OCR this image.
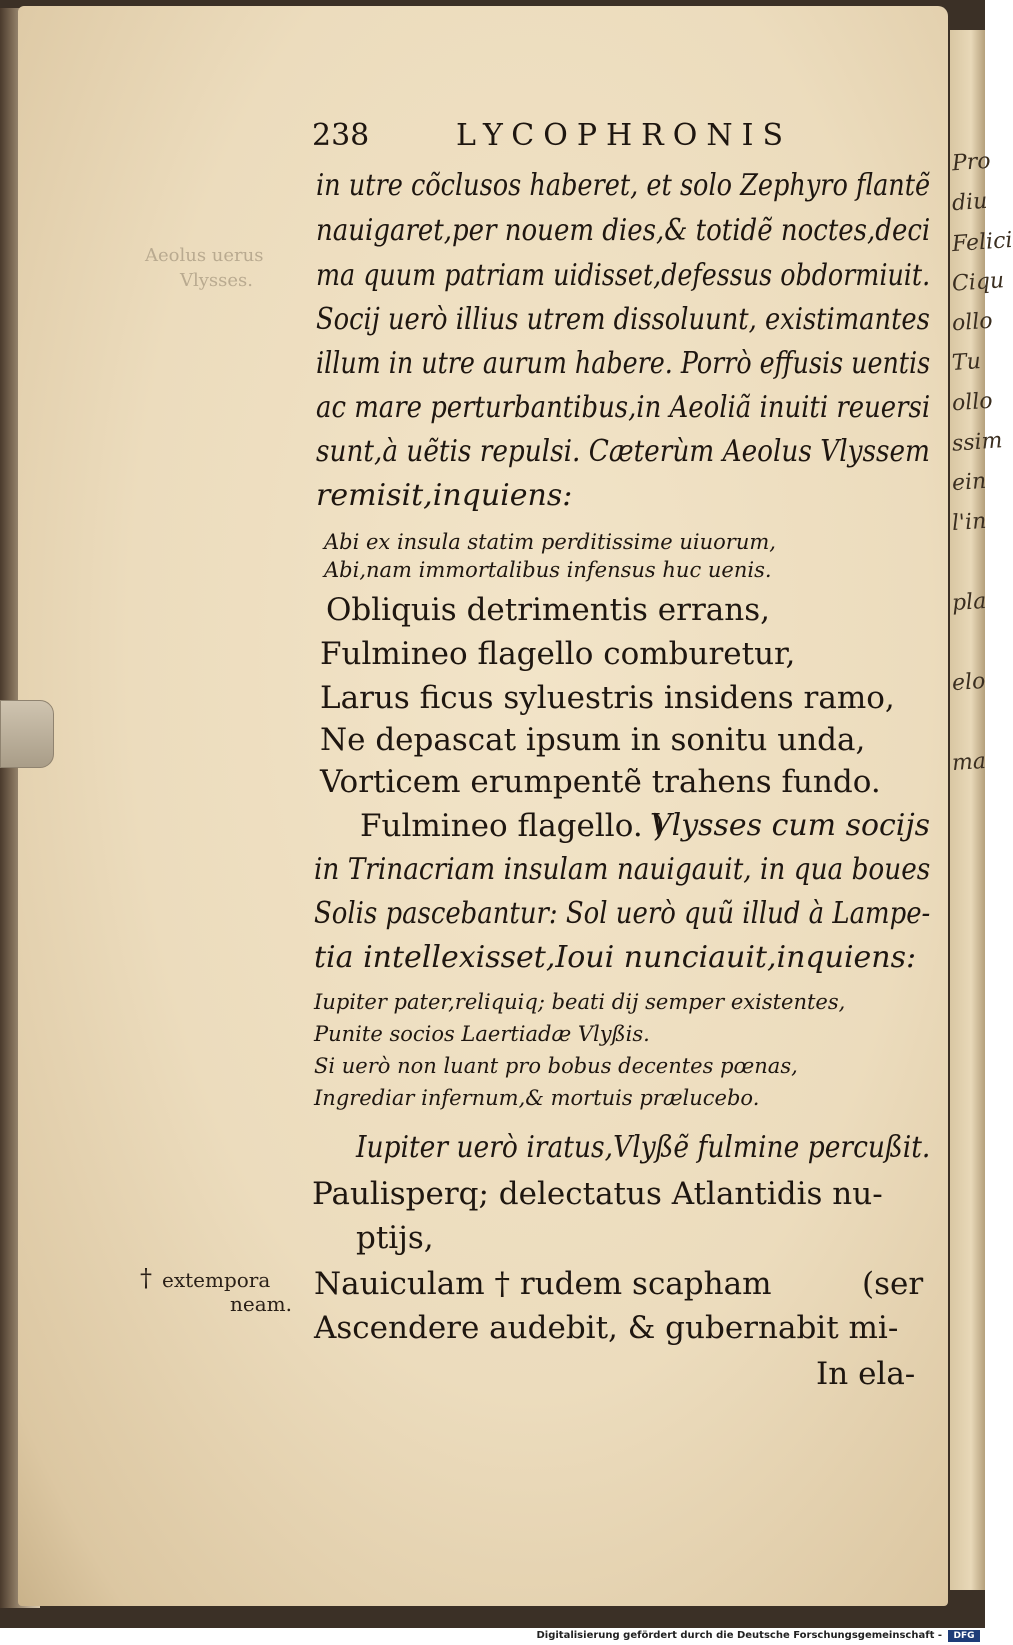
Pro
diu
Felici
Ciqu
ollo
Tu
ollo
ssim
ein
l'in
pla
elo
ma
238	LYCOPHRONIS
Aeolus uerus
Vlysses.
in utre cõclusos haberet, et solo Zephyro flantẽ
nauigaret,per nouem dies,& totidẽ noctes,deci
ma quum patriam uidisset,defessus obdormiuit.
Socij uerò illius utrem dissoluunt, existimantes
illum in utre aurum habere. Porrò effusis uentis
ac mare perturbantibus,in Aeoliã inuiti reuersi
sunt,à uẽtis repulsi. Cæterùm Aeolus Vlyssem
remisit,inquiens:
Abi ex insula statim perditissime uiuorum,
Abi,nam immortalibus infensus huc uenis.
Obliquis detrimentis errans,
Fulmineo flagello comburetur,
Larus ficus syluestris insidens ramo,
Ne depascat ipsum in sonitu unda,
Vorticem erumpentẽ trahens fundo.
Fulmineo flagello. )
Vlysses cum socijs
in Trinacriam insulam nauigauit, in qua boues
Solis pascebantur: Sol uerò quũ illud à Lampe-
tia intellexisset,Ioui nunciauit,inquiens:
Iupiter pater,reliquiq; beati dij semper existentes,
Punite socios Laertiadæ Vlyßis.
Si uerò non luant pro bobus decentes pœnas,
Ingrediar infernum,& mortuis prælucebo.
Iupiter uerò iratus,Vlyßẽ fulmine percußit.
Paulisperq; delectatus Atlantidis nu-
ptijs,
Nauiculam † rudem scapham	(ser
Ascendere audebit, & gubernabit mi-
† extempora
neam.
In ela-
Digitalisierung gefördert durch die Deutsche Forschungsgemeinschaft -	DFG
